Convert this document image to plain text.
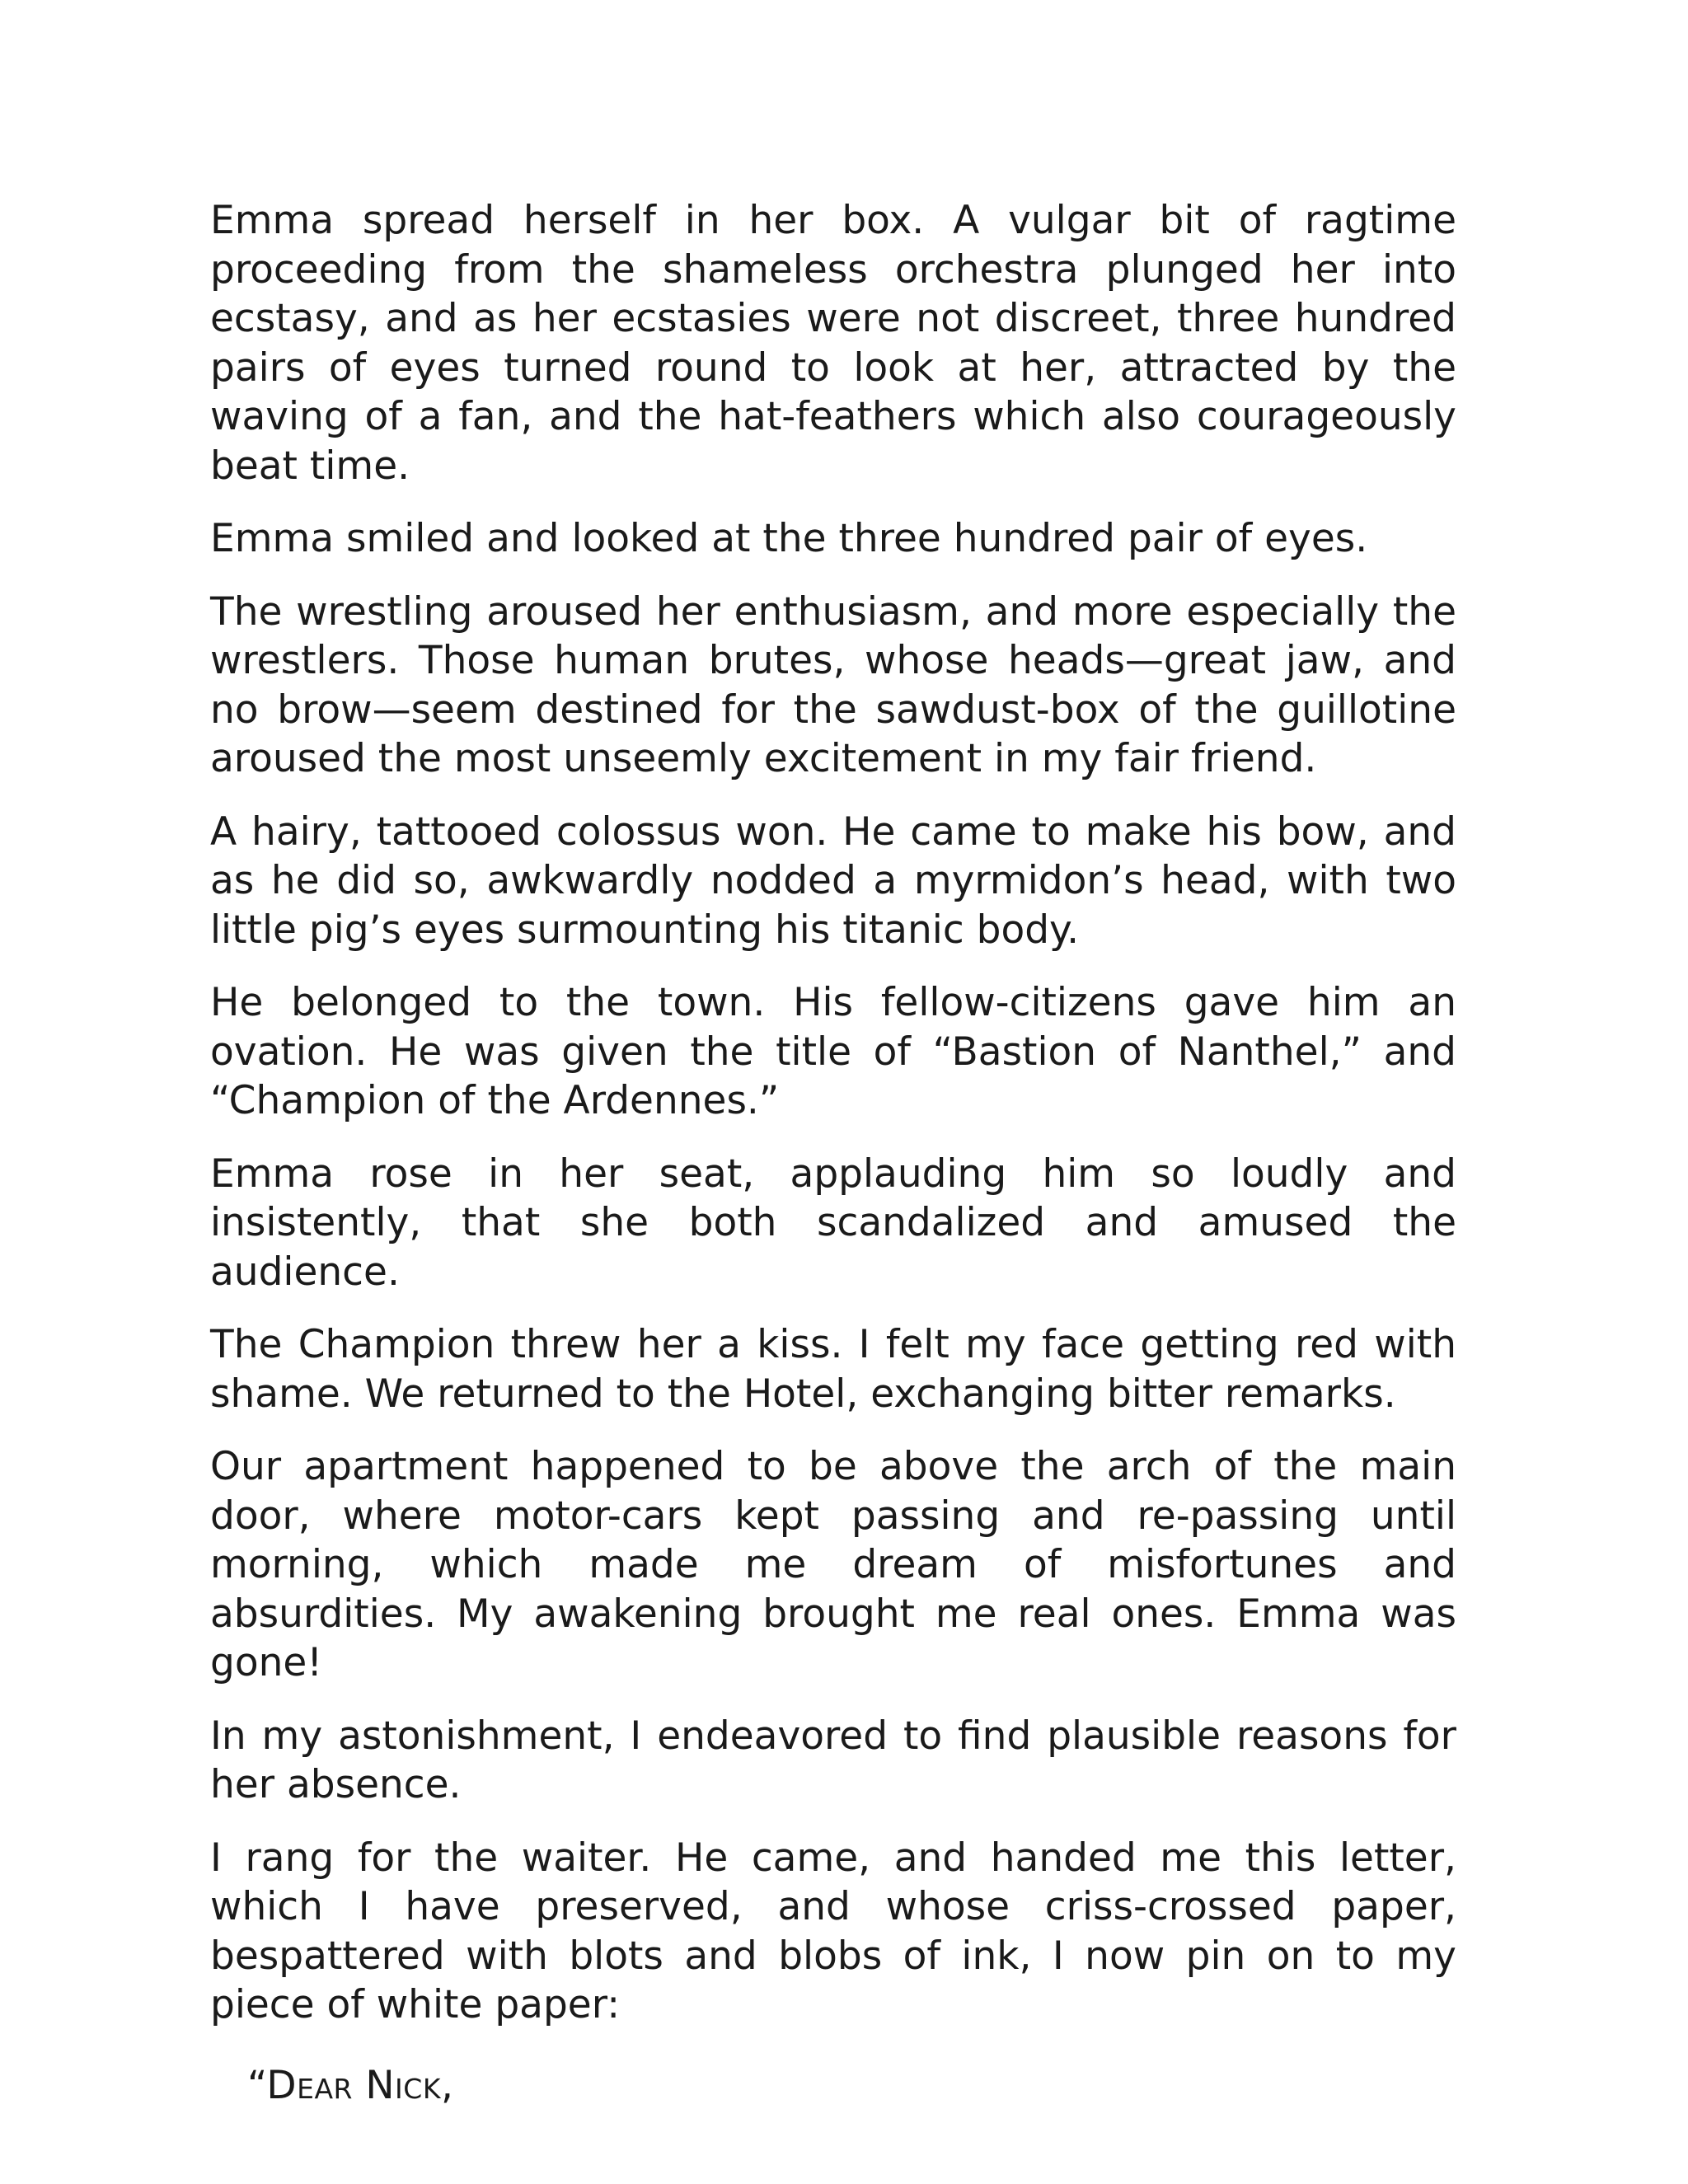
Emma spread herself in her box. A vulgar bit of ragtime proceeding from the shameless orchestra plunged her into ecstasy, and as her ecstasies were not discreet, three hundred pairs of eyes turned round to look at her, attracted by the waving of a fan, and the hat-feathers which also courageously beat time.

Emma smiled and looked at the three hundred pair of eyes.

The wrestling aroused her enthusiasm, and more especially the wrestlers. Those human brutes, whose heads—great jaw, and no brow—seem destined for the sawdust-box of the guillotine aroused the most unseemly excitement in my fair friend.

A hairy, tattooed colossus won. He came to make his bow, and as he did so, awkwardly nodded a myrmidon’s head, with two little pig’s eyes surmounting his titanic body.

He belonged to the town. His fellow-citizens gave him an ovation. He was given the title of “Bastion of Nanthel,” and “Champion of the Ardennes.”

Emma rose in her seat, applauding him so loudly and insistently, that she both scandalized and amused the audience.

The Champion threw her a kiss. I felt my face getting red with shame. We returned to the Hotel, exchanging bitter remarks.

Our apartment happened to be above the arch of the main door, where motor-cars kept passing and re-passing until morning, which made me dream of misfortunes and absurdities. My awakening brought me real ones. Emma was gone!

In my astonishment, I endeavored to find plausible reasons for her absence.

I rang for the waiter. He came, and handed me this letter, which I have preserved, and whose criss-crossed paper, bespattered with blots and blobs of ink, I now pin on to my piece of white paper:

“Dear Nick,
